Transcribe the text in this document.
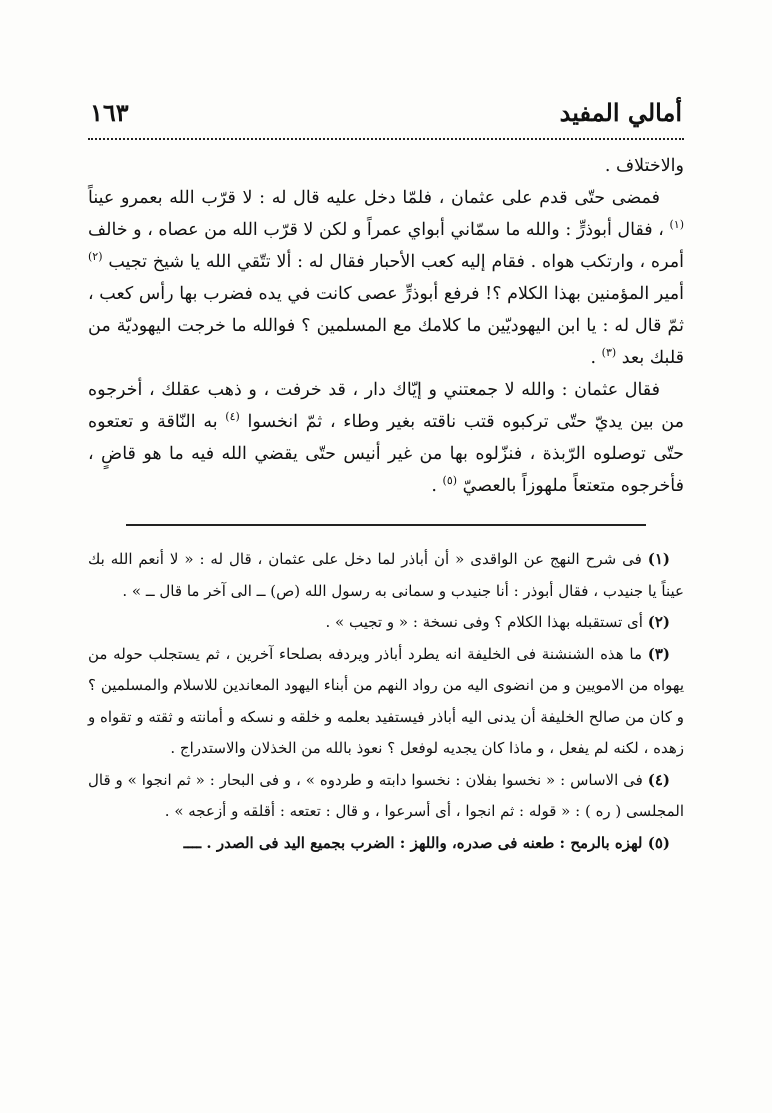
أمالي المفيد
١٦٣

والاختلاف .

فمضى حتّى قدم على عثمان ، فلمّا دخل عليه قال له : لا قرّب الله بعمرو عيناً $^{(١)}$ ، فقال أبوذرٍّ : والله ما سمّاني أبواي عمراً و لكن لا قرّب الله من عصاه ، و خالف أمره ، وارتكب هواه . فقام إليه كعب الأحبار فقال له : ألا تتّقي الله يا شيخ تجيب $^{(٢)}$ أمير المؤمنين بهذا الكلام ؟! فرفع أبوذرٍّ عصى كانت في يده فضرب بها رأس كعب ، ثمّ قال له : يا ابن اليهوديّين ما كلامك مع المسلمين ؟ فوالله ما خرجت اليهوديّة من قلبك بعد $^{(٣)}$ .

فقال عثمان : والله لا جمعتني و إيّاك دار ، قد خرفت ، و ذهب عقلك ، أخرجوه من بين يديّ حتّى تركبوه قتب ناقته بغير وطاء ، ثمّ انخسوا $^{(٤)}$ به النّاقة و تعتعوه حتّى توصلوه الرّبذة ، فنزّلوه بها من غير أنيس حتّى يقضي الله فيه ما هو قاضٍ ، فأخرجوه متعتعاً ملهوزاً بالعصيّ $^{(٥)}$ .

(١) فى شرح النهج عن الواقدى « أن أباذر لما دخل على عثمان ، قال له : « لا أنعم الله بك عيناً يا جنيدب ، فقال أبوذر : أنا جنيدب و سمانى به رسول الله (ص) ــ الى آخر ما قال ــ » .

(٢) أى تستقبله بهذا الكلام ؟ وفى نسخة : « و تجيب » .

(٣) ما هذه الشنشنة فى الخليفة انه يطرد أباذر ويردفه بصلحاء آخرين ، ثم يستجلب حوله من يهواه من الامويين و من انضوى اليه من رواد النهم من أبناء اليهود المعاندين للاسلام والمسلمين ؟ و كان من صالح الخليفة أن يدنى اليه أباذر فيستفيد بعلمه و خلقه و نسكه و أمانته و ثقته و تقواه و زهده ، لكنه لم يفعل ، و ماذا كان يجديه لوفعل ؟ نعوذ بالله من الخذلان والاستدراج .

(٤) فى الاساس : « نخسوا بفلان : نخسوا دابته و طردوه » ، و فى البحار : « ثم انجوا » و قال المجلسى ( ره ) : « قوله : ثم انجوا ، أى أسرعوا ، و قال : تعتعه : أقلقه و أزعجه » .

(٥) لهزه بالرمح : طعنه فى صدره، واللهز : الضرب بجميع اليد فى الصدر . ــــ
